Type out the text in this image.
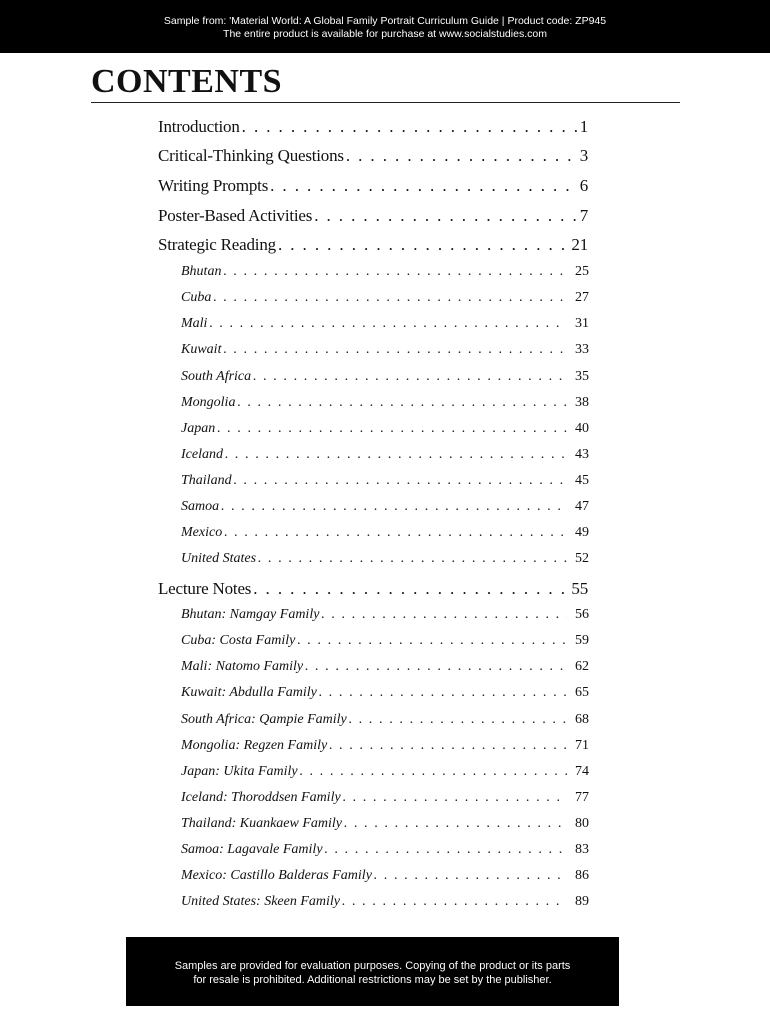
Sample from: 'Material World: A Global Family Portrait Curriculum Guide | Product code: ZP945
The entire product is available for purchase at www.socialstudies.com
CONTENTS
Introduction . . .	1
Critical-Thinking Questions . . .	3
Writing Prompts . . .	6
Poster-Based Activities . . .	7
Strategic Reading . . .	21
Bhutan . . .	25
Cuba . . .	27
Mali . . .	31
Kuwait . . .	33
South Africa . . .	35
Mongolia . . .	38
Japan . . .	40
Iceland . . .	43
Thailand . . .	45
Samoa . . .	47
Mexico . . .	49
United States . . .	52
Lecture Notes . . .	55
Bhutan: Namgay Family . . .	56
Cuba: Costa Family . . .	59
Mali: Natomo Family . . .	62
Kuwait: Abdulla Family . . .	65
South Africa: Qampie Family . . .	68
Mongolia: Regzen Family . . .	71
Japan: Ukita Family . . .	74
Iceland: Thoroddsen Family . . .	77
Thailand: Kuankaew Family . . .	80
Samoa: Lagavale Family . . .	83
Mexico: Castillo Balderas Family . . .	86
United States: Skeen Family . . .	89
Samples are provided for evaluation purposes. Copying of the product or its parts
for resale is prohibited. Additional restrictions may be set by the publisher.
